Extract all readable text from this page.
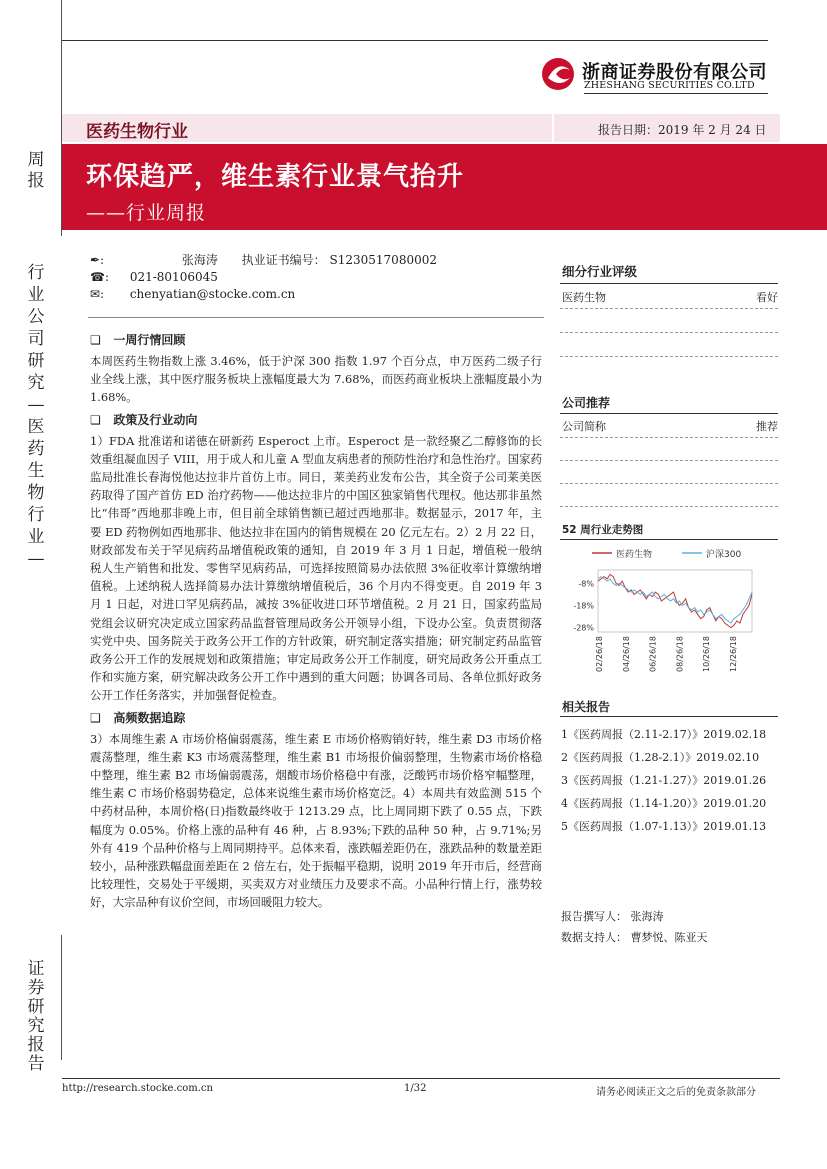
浙商证券股份有限公司
ZHESHANG SECURITIES CO.LTD
周
报
行
业
公
司
研
究
—
医
药
生
物
行
业
—
证
券
研
究
报
告
医药生物行业	报告日期：2019 年 2 月 24 日
环保趋严，维生素行业景气抬升
——行业周报
✒:	张海涛 执业证书编号： S1230517080002
☎: 021-80106045
✉: chenyatian@stocke.com.cn
❑ 一周行情回顾
本周医药生物指数上涨 3.46%，低于沪深 300 指数 1.97 个百分点，申万医药二级子行业全线上涨，其中医疗服务板块上涨幅度最大为 7.68%，而医药商业板块上涨幅度最小为 1.68%。
❑ 政策及行业动向
1）FDA 批准诺和诺德在研新药 Esperoct 上市。Esperoct 是一款经聚乙二醇修饰的长效重组凝血因子 VIII，用于成人和儿童 A 型血友病患者的预防性治疗和急性治疗。国家药监局批准长春海悦他达拉非片首仿上市。同日，莱美药业发布公告，其全资子公司莱美医药取得了国产首仿 ED 治疗药物——他达拉非片的中国区独家销售代理权。他达那非虽然比“伟哥”西地那非晚上市，但目前全球销售额已超过西地那非。数据显示，2017 年，主要 ED 药物例如西地那非、他达拉非在国内的销售规模在 20 亿元左右。2）2 月 22 日，财政部发布关于罕见病药品增值税政策的通知，自 2019 年 3 月 1 日起，增值税一般纳税人生产销售和批发、零售罕见病药品，可选择按照简易办法依照 3%征收率计算缴纳增值税。上述纳税人选择简易办法计算缴纳增值税后，36 个月内不得变更。自 2019 年 3 月 1 日起，对进口罕见病药品，减按 3%征收进口环节增值税。2 月 21 日，国家药监局党组会议研究决定成立国家药品监督管理局政务公开领导小组，下设办公室。负责贯彻落实党中央、国务院关于政务公开工作的方针政策，研究制定落实措施；研究制定药品监管政务公开工作的发展规划和政策措施；审定局政务公开工作制度，研究局政务公开重点工作和实施方案，研究解决政务公开工作中遇到的重大问题；协调各司局、各单位抓好政务公开工作任务落实，并加强督促检查。
❑ 高频数据追踪
3）本周维生素 A 市场价格偏弱震荡，维生素 E 市场价格购销好转，维生素 D3 市场价格震荡整理，维生素 K3 市场震荡整理，维生素 B1 市场报价偏弱整理，生物素市场价格稳中整理，维生素 B2 市场偏弱震荡，烟酸市场价格稳中有涨，泛酸钙市场价格窄幅整理，维生素 C 市场价格弱势稳定，总体来说维生素市场价格宽泛。4）本周共有效监测 515 个中药材品种，本周价格(日)指数最终收于 1213.29 点，比上周同期下跌了 0.55 点，下跌幅度为 0.05%。价格上涨的品种有 46 种，占 8.93%;下跌的品种 50 种，占 9.71%;另外有 419 个品种价格与上周同期持平。总体来看，涨跌幅差距仍在，涨跌品种的数量差距较小，品种涨跌幅盘面差距在 2 倍左右，处于振幅平稳期，说明 2019 年开市后，经营商比较理性，交易处于平缓期，买卖双方对业绩压力及要求不高。小品种行情上行，涨势较好，大宗品种有议价空间，市场回暖阻力较大。
细分行业评级
医药生物	看好
公司推荐
公司简称	推荐
52 周行业走势图
医药生物	沪深300
-8%
-18%
-28%
02/26/18 04/26/18 06/26/18 08/26/18 10/26/18 12/26/18
相关报告
1《医药周报（2.11-2.17）》2019.02.18
2《医药周报（1.28-2.1）》2019.02.10
3《医药周报（1.21-1.27）》2019.01.26
4《医药周报（1.14-1.20）》2019.01.20
5《医药周报（1.07-1.13）》2019.01.13
报告撰写人： 张海涛
数据支持人： 曹梦悦、陈亚天
http://research.stocke.com.cn	1/32	请务必阅读正文之后的免责条款部分
